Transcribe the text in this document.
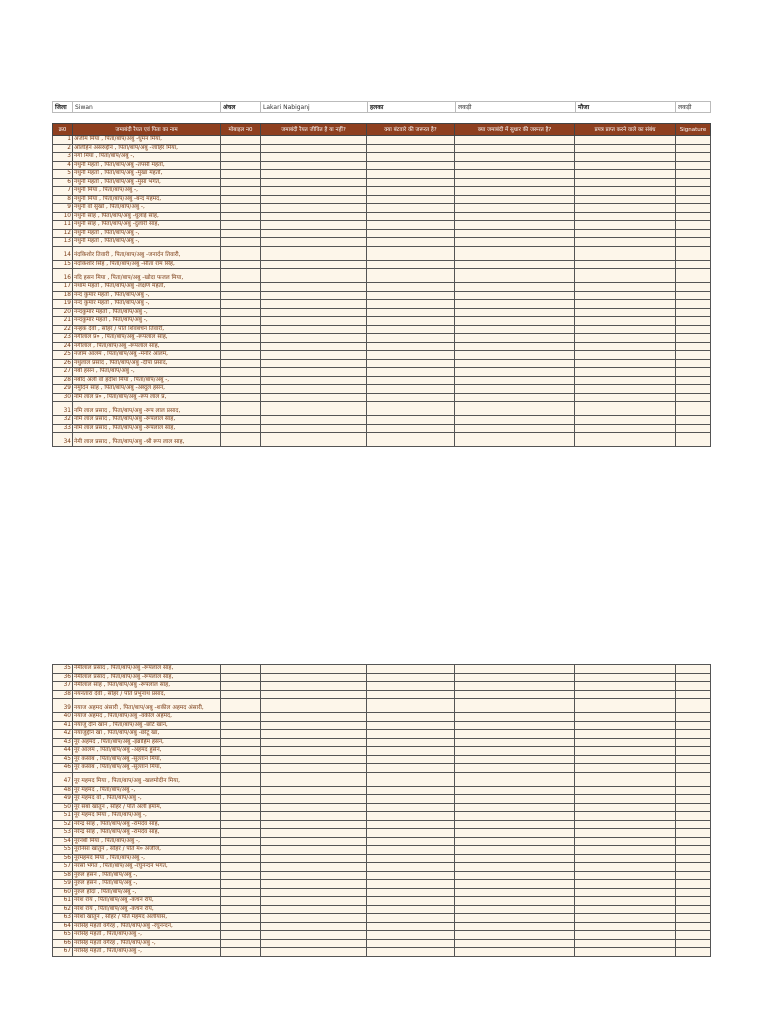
जिला	Siwan	अंचल	Lakari Nabiganj	हलका	लकड़ी	मौजा	लकड़ी
क्र0	जमाबंदी रैयत एवं पिता का नाम	मोबाइल न0	जमाबंदी रैयत जीवित है या नहीं?	क्या बंटवारे की जरूरत है?	क्या जमाबंदी में सुधार की जरूरत है?	प्रपत्र प्राप्त करने वाले का संबंध	Signature
1	अजीम मियां , पिता/बाप/अबु -धुमन मिया,						
2	अलिहिन असरुद्दीन , पिता/बाप/अबु -जाहिर मिया,						
3	नगो मिया , पिता/बाप/अबु -,						
4	नथुनी महतो , पिता/बाप/अबु -तपसी महतो,						
5	नथुनी महतो , पिता/बाप/अबु -मुखा महतो,						
6	नथुनी महतो , पिता/बाप/अबु -मुसा भगत,						
7	नथुनी मिया , पिता/बाप/अबु -,						
8	नथुनी मिया , पिता/बाप/अबु -बन्द महमद,						
9	नथुनी वो सुखो , पिता/बाप/अबु -,						
10	नथुनी साह , पिता/बाप/अबु -धुलाई साह,						
11	नथुनी साह , पिता/बाप/अबु -दुलारी साह,						
12	नथुनी महतो , पिता/बाप/अबु -,						
13	नथुनी महतो , पिता/बाप/अबु -,						
14	नंदकिशोर तिवारी , पिता/बाप/अबु -जनार्दन तिवारी,						
15	नंदकिशोर सिंह , पिता/बाप/अबु -सीता राम सिंह,						
16	नदि हसन मिया , पिता/बाप/अबु -खोदा फजल मिया,						
17	नथाम महतो , पिता/बाप/अबु -लक्षण महतो,						
18	नन्द कुमार महतो , पिता/बाप/अबु -,						
19	नन्द कुमार महतो , पिता/बाप/अबु -,						
20	नन्दकुमार महतो , पिता/बाप/अबु -,						
21	नन्दकुमार महतो , पिता/बाप/अबु -,						
22	नन्हक देवी , सौहर / पति शिवबचन तिवारी,						
23	नगीलाल प्र० , पिता/बाप/अबु -रूपलाल साह,						
24	नगीलाल , पिता/बाप/अबु -रूपलाल साह,						
25	नजाम आलम , पिता/बाप/अबु -मनोर आलम,						
26	नथुलाल प्रसाद , पिता/बाप/अबु -दीपा प्रसाद,						
27	नबी हसन , पिता/बाप/अबु -,						
28	नबीद अली वो हदीश मिया , पिता/बाप/अबु -,						
29	नमुदिन साह , पिता/बाप/अबु -अब्दुल हसन,						
30	नमि लाल प्र० , पिता/बाप/अबु -रूप लाल प्र,						
31	नमि लाल प्रसाद , पिता/बाप/अबु -रूप लाल प्रसाद,						
32	नमि लाल प्रसाद , पिता/बाप/अबु -रूपलाल साह,						
33	नमि लाल प्रसाद , पिता/बाप/अबु -रूपलाल साह,						
34	नेमी लाल प्रसाद , पिता/बाप/अबु -श्री रूप लाल साह,						
35	नेमीलाल प्रसाद , पिता/बाप/अबु -रूपलाल साह,						
36	नेमीलाल प्रसाद , पिता/बाप/अबु -रूपलाल साह,						
37	नेमीलाल साह , पिता/बाप/अबु -रूपलाल साह,						
38	नयनतारा देवी , सौहर / पति प्रभुनाथ प्रसाद,						
39	नयाज अहमद अंसारी , पिता/बाप/अबु -शकील अहमद अंसारी,						
40	नयाज अहमद , पिता/बाप/अबु -वकील अहमद,						
41	नयाजु दीन खान , पिता/बाप/अबु -छोटे खान,						
42	नयाजुद्दीन खा , पिता/बाप/अबु -छोटू खा,						
43	नूर अहमद , पिता/बाप/अबु -इब्राहिम हसन,						
44	नूर आलम , पिता/बाप/अबु -अहमद हुसेन,						
45	नूर कसाब , पिता/बाप/अबु -सुल्तान मिया,						
46	नूर कसाब , पिता/बाप/अबु -सुल्तान मिया,						
47	नूर महमद मिया , पिता/बाप/अबु -खलमोदीन मिया,						
48	नूर महमद , पिता/बाप/अबु -,						
49	नूर महमद वो , पिता/बाप/अबु -,						
50	नूर सबा खातुन , सौहर / पति अली इमाम,						
51	नूर महमद मिया , पिता/बाप/अबु -,						
52	नरेन्द्र साह , पिता/बाप/अबु -रामदेव साह,						
53	नरेन्द्र साह , पिता/बाप/अबु -रामदेव साह,						
54	नूरनबी मियां , पिता/बाप/अबु -,						
55	नूरनिसा खातुन , सौहर / पति म० अजीज,						
56	नूरमहमद मिया , पिता/बाप/अबु -,						
57	नरसो भगत , पिता/बाप/अबु -रघुनन्दन भगत,						
58	नुरुल हसन , पिता/बाप/अबु -,						
59	नुरुल हसन , पिता/बाप/अबु -,						
60	नुरुल होदा , पिता/बाप/अबु -,						
61	नरेश राय , पिता/बाप/अबु -कंचन राय,						
62	नरेश राय , पिता/बाप/अबु -कंचन राय,						
63	नरेशा खातुन , सौहर / पति महमद अलीयास,						
64	नरसिंह महतो वगैरह , पिता/बाप/अबु -रघुनन्दन,						
65	नरसिंह महतो , पिता/बाप/अबु -,						
66	नरसिंह महतो वगैरह , पिता/बाप/अबु -,						
67	नरसिंह महतो , पिता/बाप/अबु -,						
